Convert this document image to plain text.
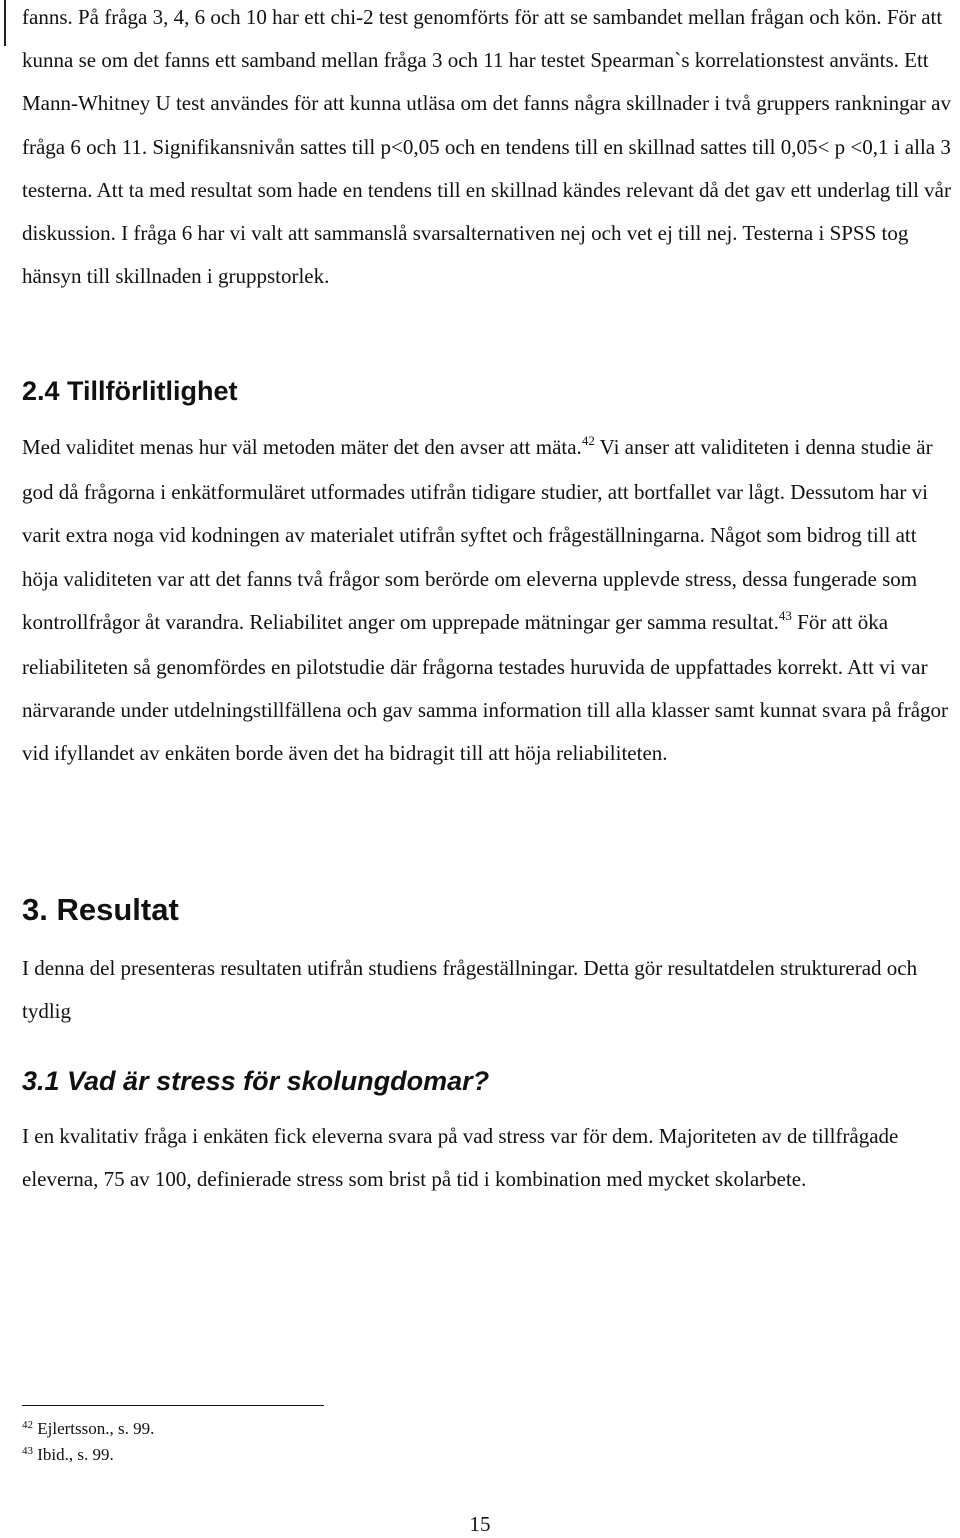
fanns. På fråga 3, 4, 6 och 10 har ett chi-2 test genomförts för att se sambandet mellan frågan och kön. För att kunna se om det fanns ett samband mellan fråga 3 och 11 har testet Spearman`s korrelationstest använts. Ett Mann-Whitney U test användes för att kunna utläsa om det fanns några skillnader i två gruppers rankningar av fråga 6 och 11. Signifikansnivån sattes till p<0,05 och en tendens till en skillnad sattes till 0,05< p <0,1 i alla 3 testerna. Att ta med resultat som hade en tendens till en skillnad kändes relevant då det gav ett underlag till vår diskussion. I fråga 6 har vi valt att sammanslå svarsalternativen nej och vet ej till nej. Testerna i SPSS tog hänsyn till skillnaden i gruppstorlek.

2.4 Tillförlitlighet

Med validitet menas hur väl metoden mäter det den avser att mäta.$^{42}$ Vi anser att validiteten i denna studie är god då frågorna i enkätformuläret utformades utifrån tidigare studier, att bortfallet var lågt. Dessutom har vi varit extra noga vid kodningen av materialet utifrån syftet och frågeställningarna. Något som bidrog till att höja validiteten var att det fanns två frågor som berörde om eleverna upplevde stress, dessa fungerade som kontrollfrågor åt varandra. Reliabilitet anger om upprepade mätningar ger samma resultat.$^{43}$ För att öka reliabiliteten så genomfördes en pilotstudie där frågorna testades huruvida de uppfattades korrekt. Att vi var närvarande under utdelningstillfällena och gav samma information till alla klasser samt kunnat svara på frågor vid ifyllandet av enkäten borde även det ha bidragit till att höja reliabiliteten.

3. Resultat

I denna del presenteras resultaten utifrån studiens frågeställningar. Detta gör resultatdelen strukturerad och tydlig

3.1 Vad är stress för skolungdomar?

I en kvalitativ fråga i enkäten fick eleverna svara på vad stress var för dem. Majoriteten av de tillfrågade eleverna, 75 av 100, definierade stress som brist på tid i kombination med mycket skolarbete.

$^{42}$ Ejlertsson., s. 99.

$^{43}$ Ibid., s. 99.

15
